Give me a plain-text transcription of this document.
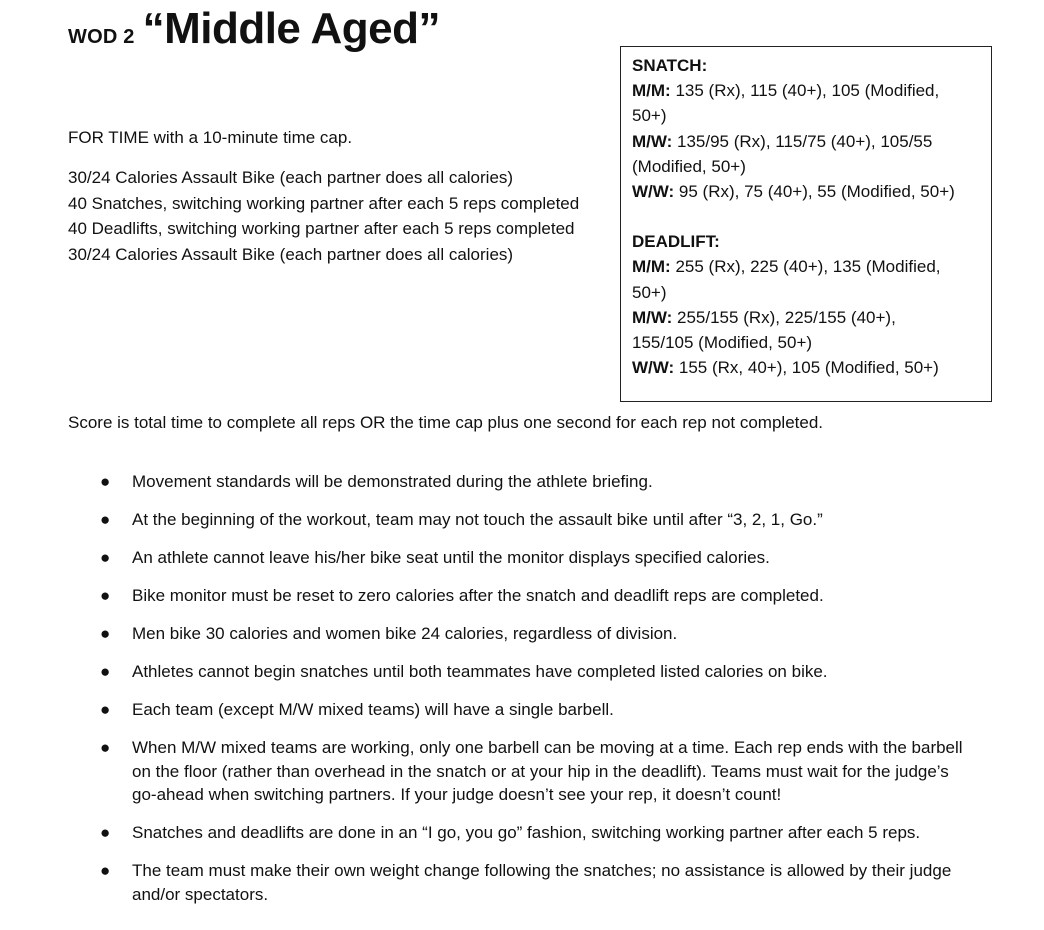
WOD 2 “Middle Aged”
FOR TIME with a 10-minute time cap.
30/24 Calories Assault Bike (each partner does all calories)
40 Snatches, switching working partner after each 5 reps completed
40 Deadlifts, switching working partner after each 5 reps completed
30/24 Calories Assault Bike (each partner does all calories)
SNATCH:
M/M: 135 (Rx), 115 (40+), 105 (Modified,
50+)
M/W: 135/95 (Rx), 115/75 (40+), 105/55
(Modified, 50+)
W/W: 95 (Rx), 75 (40+), 55 (Modified, 50+)
DEADLIFT:
M/M: 255 (Rx), 225 (40+), 135 (Modified,
50+)
M/W: 255/155 (Rx), 225/155 (40+),
155/105 (Modified, 50+)
W/W: 155 (Rx, 40+), 105 (Modified, 50+)
Score is total time to complete all reps OR the time cap plus one second for each rep not completed.
● Movement standards will be demonstrated during the athlete briefing.
● At the beginning of the workout, team may not touch the assault bike until after “3, 2, 1, Go.”
● An athlete cannot leave his/her bike seat until the monitor displays specified calories.
● Bike monitor must be reset to zero calories after the snatch and deadlift reps are completed.
● Men bike 30 calories and women bike 24 calories, regardless of division.
● Athletes cannot begin snatches until both teammates have completed listed calories on bike.
● Each team (except M/W mixed teams) will have a single barbell.
● When M/W mixed teams are working, only one barbell can be moving at a time. Each rep ends with the barbell on the floor (rather than overhead in the snatch or at your hip in the deadlift). Teams must wait for the judge’s go-ahead when switching partners. If your judge doesn’t see your rep, it doesn’t count!
● Snatches and deadlifts are done in an “I go, you go” fashion, switching working partner after each 5 reps.
● The team must make their own weight change following the snatches; no assistance is allowed by their judge and/or spectators.
